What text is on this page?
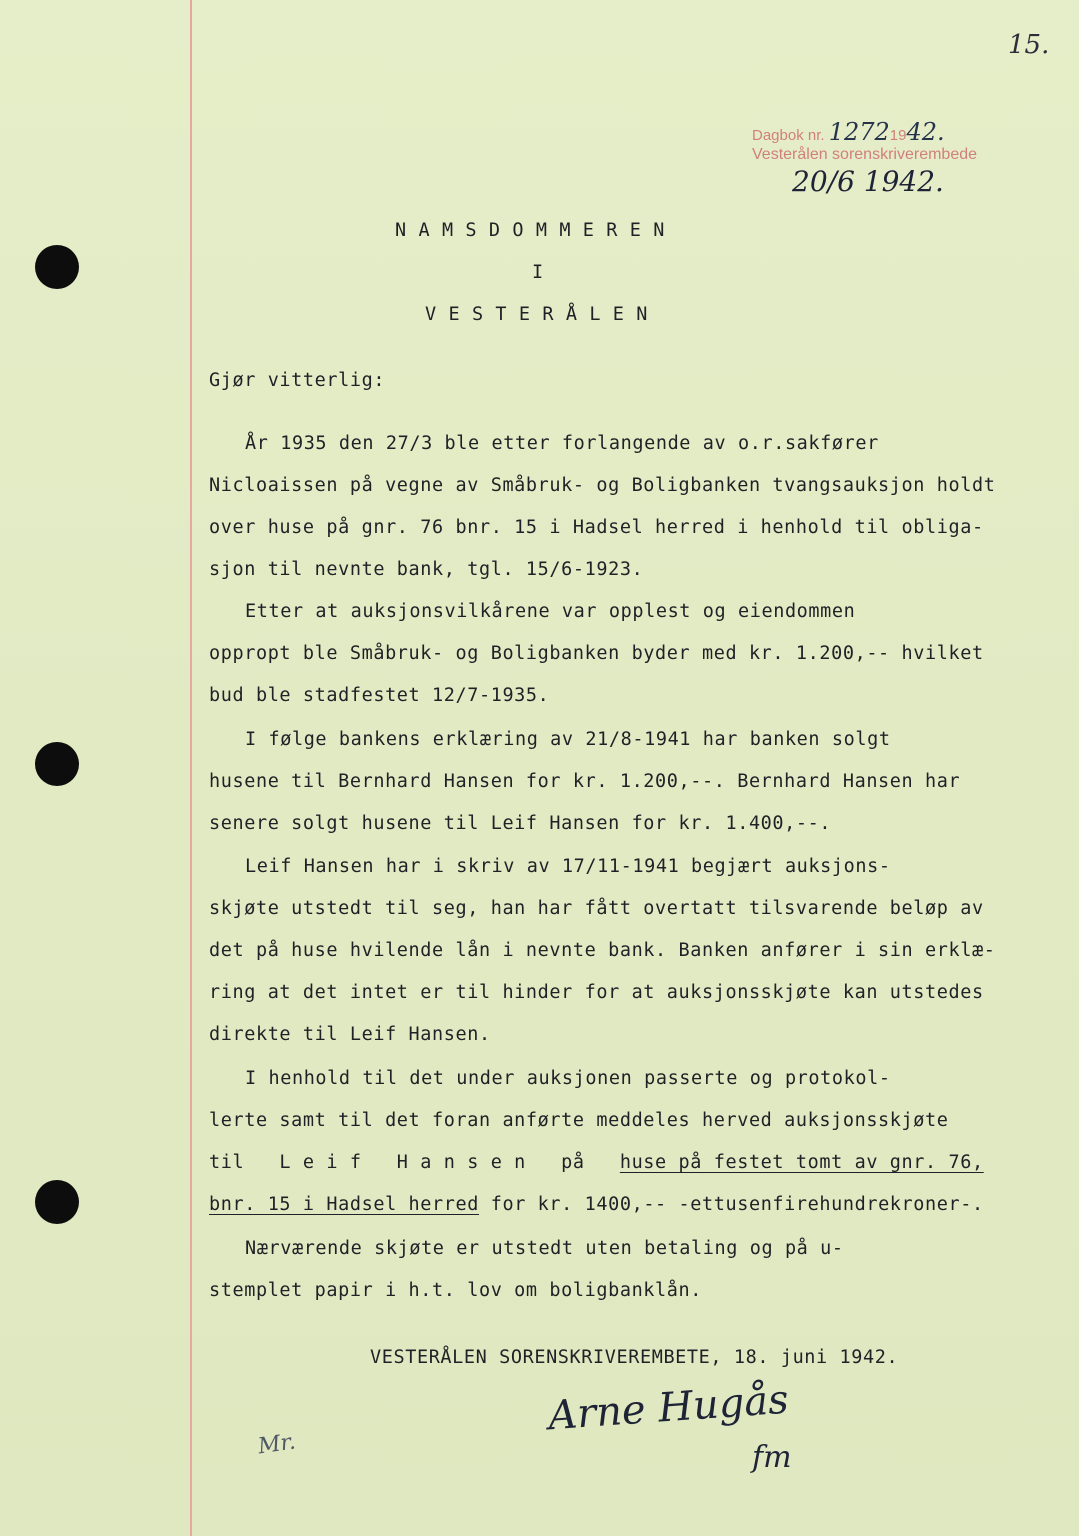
15.
Dagbok nr. 12721942.
Vesterålen sorenskriverembede
20/6 1942.
N A M S D O M M E R E N
I
V E S T E R Å L E N
Gjør vitterlig:
År 1935 den 27/3 ble etter forlangende av o.r.sakfører
Nicloaissen på vegne av Småbruk- og Boligbanken tvangsauksjon holdt
over huse på gnr. 76 bnr. 15 i Hadsel herred i henhold til obliga-
sjon til nevnte bank, tgl. 15/6-1923.
Etter at auksjonsvilkårene var opplest og eiendommen
oppropt ble Småbruk- og Boligbanken byder med kr. 1.200,-- hvilket
bud ble stadfestet 12/7-1935.
I følge bankens erklæring av 21/8-1941 har banken solgt
husene til Bernhard Hansen for kr. 1.200,--. Bernhard Hansen har
senere solgt husene til Leif Hansen for kr. 1.400,--.
Leif Hansen har i skriv av 17/11-1941 begjært auksjons-
skjøte utstedt til seg, han har fått overtatt tilsvarende beløp av
det på huse hvilende lån i nevnte bank. Banken anfører i sin erklæ-
ring at det intet er til hinder for at auksjonsskjøte kan utstedes
direkte til Leif Hansen.
I henhold til det under auksjonen passerte og protokol-
lerte samt til det foran anførte meddeles herved auksjonsskjøte
til   L e i f   H a n s e n   på   huse på festet tomt av gnr. 76,
bnr. 15 i Hadsel herred for kr. 1400,-- -ettusenfirehundrekroner-.
Nærværende skjøte er utstedt uten betaling og på u-
stemplet papir i h.t. lov om boligbanklån.
VESTERÅLEN SORENSKRIVEREMBETE, 18. juni 1942.
Arne Hugås
fm
Mr.
